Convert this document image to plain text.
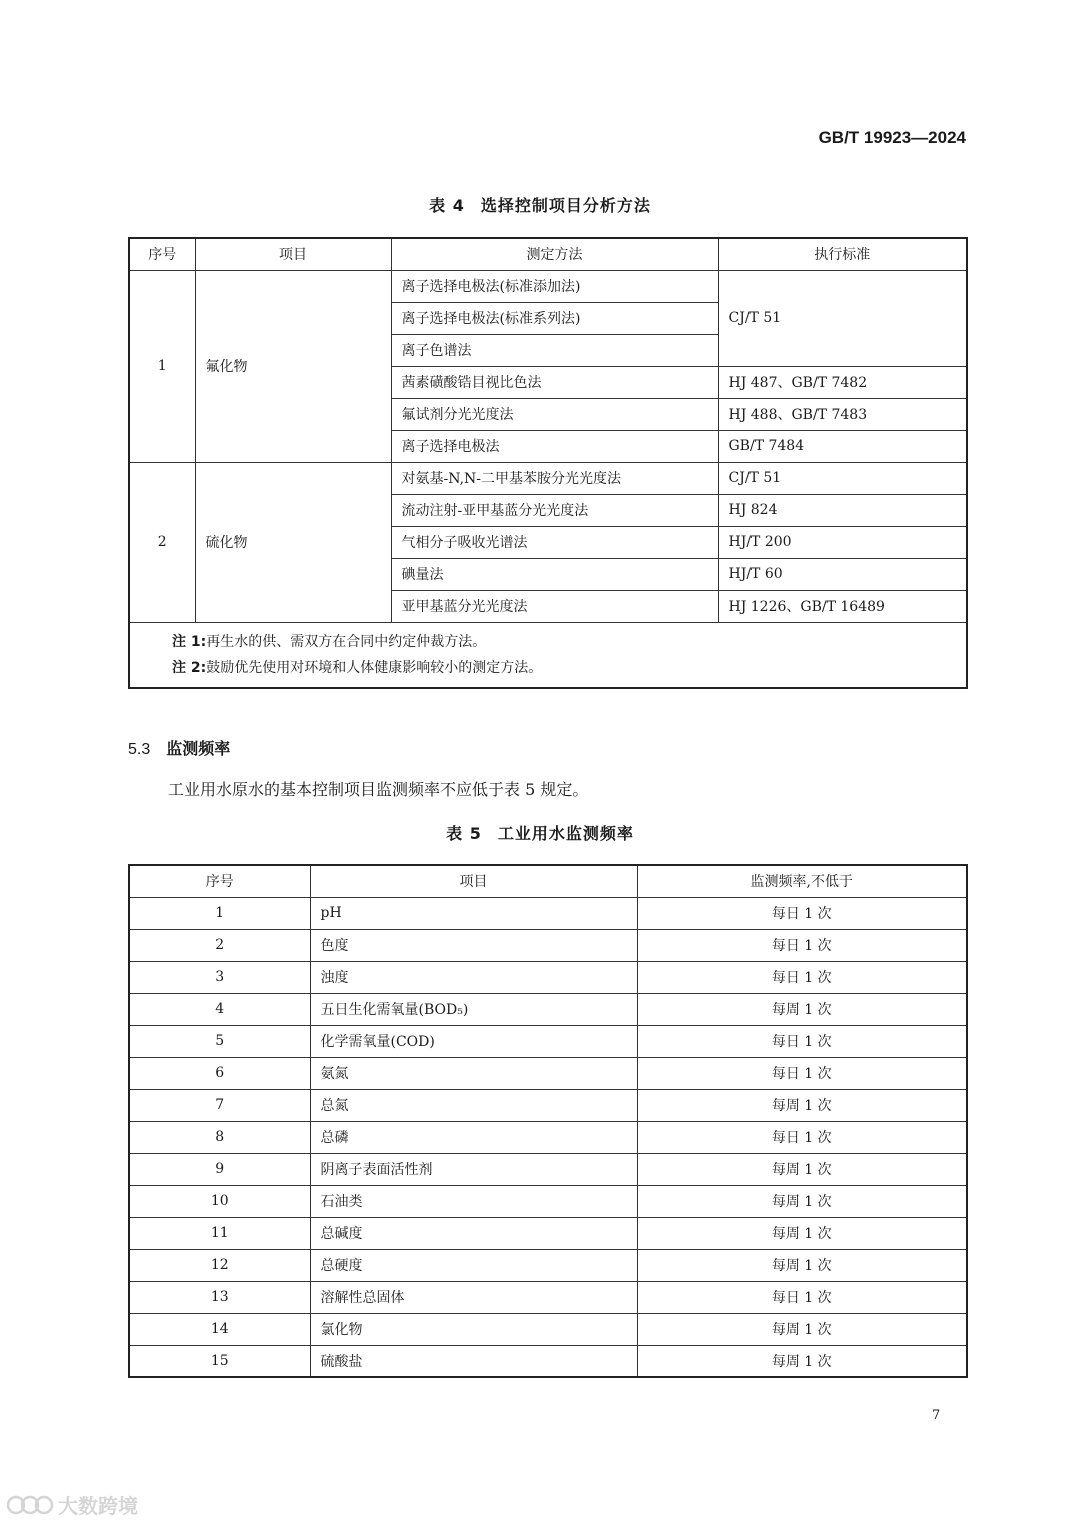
GB/T 19923—2024
表 4 选择控制项目分析方法
序号	项目	测定方法	执行标准
1	氟化物	离子选择电极法(标准添加法)	CJ/T 51
		离子选择电极法(标准系列法)	
		离子色谱法	
		茜素磺酸锆目视比色法	HJ 487、GB/T 7482
		氟试剂分光光度法	HJ 488、GB/T 7483
		离子选择电极法	GB/T 7484
2	硫化物	对氨基-N,N-二甲基苯胺分光光度法	CJ/T 51
		流动注射-亚甲基蓝分光光度法	HJ 824
		气相分子吸收光谱法	HJ/T 200
		碘量法	HJ/T 60
		亚甲基蓝分光光度法	HJ 1226、GB/T 16489

注 1:再生水的供、需双方在合同中约定仲裁方法。
注 2:鼓励优先使用对环境和人体健康影响较小的测定方法。			
5.3 监测频率
工业用水原水的基本控制项目监测频率不应低于表 5 规定。
表 5 工业用水监测频率
序号	项目	监测频率,不低于
1	pH	每日 1 次
2	色度	每日 1 次
3	浊度	每日 1 次
4	五日生化需氧量(BOD₅)	每周 1 次
5	化学需氧量(COD)	每日 1 次
6	氨氮	每日 1 次
7	总氮	每周 1 次
8	总磷	每日 1 次
9	阴离子表面活性剂	每周 1 次
10	石油类	每周 1 次
11	总碱度	每周 1 次
12	总硬度	每周 1 次
13	溶解性总固体	每日 1 次
14	氯化物	每周 1 次
15	硫酸盐	每周 1 次
7
大数跨境
